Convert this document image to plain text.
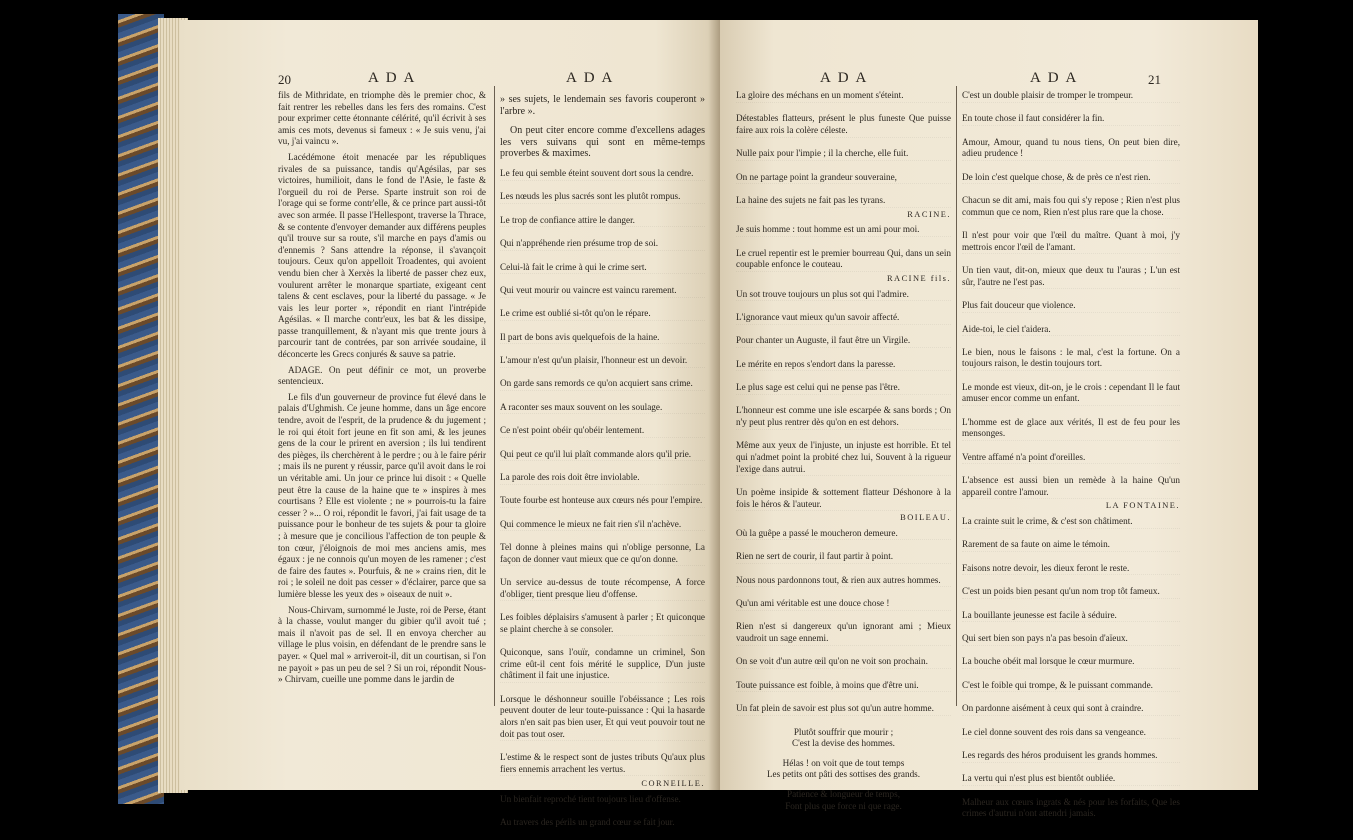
20	A D A	A D A

fils de Mithridate, en triomphe dès le premier choc, & fait rentrer les rebelles dans les fers des romains. C'est pour exprimer cette étonnante célérité, qu'il écrivit à ses amis ces mots, devenus si fameux : « Je suis venu, j'ai vu, j'ai vaincu ».

Lacédémone étoit menacée par les républiques rivales de sa puissance, tandis qu'Agésilas, par ses victoires, humilioit, dans le fond de l'Asie, le faste & l'orgueil du roi de Perse. Sparte instruit son roi de l'orage qui se forme contr'elle, & ce prince part aussi-tôt avec son armée. Il passe l'Hellespont, traverse la Thrace, & se contente d'envoyer demander aux différens peuples qu'il trouve sur sa route, s'il marche en pays d'amis ou d'ennemis ? Sans attendre la réponse, il s'avançoit toujours. Ceux qu'on appelloit Troadentes, qui avoient vendu bien cher à Xerxès la liberté de passer chez eux, voulurent arrêter le monarque spartiate, exigeant cent talens & cent esclaves, pour la liberté du passage. « Je vais les leur porter », répondit en riant l'intrépide Agésilas. « Il marche contr'eux, les bat & les dissipe, passe tranquillement, & n'ayant mis que trente jours à parcourir tant de contrées, par son arrivée soudaine, il déconcerte les Grecs conjurés & sauve sa patrie.

ADAGE. On peut définir ce mot, un proverbe sentencieux.

Le fils d'un gouverneur de province fut élevé dans le palais d'Ughmish. Ce jeune homme, dans un âge encore tendre, avoit de l'esprit, de la prudence & du jugement ; le roi qui étoit fort jeune en fit son ami, & les jeunes gens de la cour le prirent en aversion ; ils lui tendirent des pièges, ils cherchèrent à le perdre ; ou à le faire périr ; mais ils ne purent y réussir, parce qu'il avoit dans le roi un véritable ami. Un jour ce prince lui disoit : « Quelle peut être la cause de la haine que te » inspires à mes courtisans ? Elle est violente ; ne » pourrois-tu la faire cesser ? »... O roi, répondit le favori, j'ai fait usage de ta puissance pour le bonheur de tes sujets & pour ta gloire ; à mesure que je concilious l'affection de ton peuple & ton cœur, j'éloignois de moi mes anciens amis, mes égaux : je ne connois qu'un moyen de les ramener ; c'est de faire des fautes ». Pourfuis, & ne » crains rien, dit le roi ; le soleil ne doit pas cesser » d'éclairer, parce que sa lumière blesse les yeux des » oiseaux de nuit ».

Nous-Chirvam, surnommé le Juste, roi de Perse, étant à la chasse, voulut manger du gibier qu'il avoit tué ; mais il n'avoit pas de sel. Il en envoya chercher au village le plus voisin, en défendant de le prendre sans le payer. « Quel mal » arriveroit-il, dit un courtisan, si l'on ne payoit » pas un peu de sel ? Si un roi, répondit Nous- » Chirvam, cueille une pomme dans le jardin de

» ses sujets, le lendemain ses favoris couperont » l'arbre ».

On peut citer encore comme d'excellens adages les vers suivans qui sont en même-temps proverbes & maximes.

Le feu qui semble éteint souvent dort sous la cendre.

Les nœuds les plus sacrés sont les plutôt rompus.

Le trop de confiance attire le danger.

Qui n'appréhende rien présume trop de soi.

Celui-là fait le crime à qui le crime sert.

Qui veut mourir ou vaincre est vaincu rarement.

Le crime est oublié si-tôt qu'on le répare.

Il part de bons avis quelquefois de la haine.

L'amour n'est qu'un plaisir, l'honneur est un devoir.

On garde sans remords ce qu'on acquiert sans crime.

A raconter ses maux souvent on les soulage.

Ce n'est point obéir qu'obéir lentement.

Qui peut ce qu'il lui plaît commande alors qu'il prie.

La parole des rois doit être inviolable.

Toute fourbe est honteuse aux cœurs nés pour l'empire.

Qui commence le mieux ne fait rien s'il n'achève.

Tel donne à pleines mains qui n'oblige personne, La façon de donner vaut mieux que ce qu'on donne.

Un service au-dessus de toute récompense, A force d'obliger, tient presque lieu d'offense.

Les foibles déplaisirs s'amusent à parler ; Et quiconque se plaint cherche à se consoler.

Quiconque, sans l'ouïr, condamne un criminel, Son crime eût-il cent fois mérité le supplice, D'un juste châtiment il fait une injustice.

Lorsque le déshonneur souille l'obéissance ; Les rois peuvent douter de leur toute-puissance : Qui la hasarde alors n'en sait pas bien user, Et qui veut pouvoir tout ne doit pas tout oser.

L'estime & le respect sont de justes tributs Qu'aux plus fiers ennemis arrachent les vertus.

CORNEILLE.

Un bienfait reproché tient toujours lieu d'offense.

Au travers des périls un grand cœur se fait jour.

A D A	A D A	21

La gloire des méchans en un moment s'éteint.

Détestables flatteurs, présent le plus funeste Que puisse faire aux rois la colère céleste.

Nulle paix pour l'impie ; il la cherche, elle fuit.

On ne partage point la grandeur souveraine,

La haine des sujets ne fait pas les tyrans.

RACINE.

Je suis homme : tout homme est un ami pour moi.

Le cruel repentir est le premier bourreau Qui, dans un sein coupable enfonce le couteau.

RACINE fils.

Un sot trouve toujours un plus sot qui l'admire.

L'ignorance vaut mieux qu'un savoir affecté.

Pour chanter un Auguste, il faut être un Virgile.

Le mérite en repos s'endort dans la paresse.

Le plus sage est celui qui ne pense pas l'être.

L'honneur est comme une isle escarpée & sans bords ; On n'y peut plus rentrer dès qu'on en est dehors.

Même aux yeux de l'injuste, un injuste est horrible. Et tel qui n'admet point la probité chez lui, Souvent à la rigueur l'exige dans autrui.

Un poème insipide & sottement flatteur Déshonore à la fois le héros & l'auteur.

BOILEAU.

Où la guêpe a passé le moucheron demeure.

Rien ne sert de courir, il faut partir à point.

Nous nous pardonnons tout, & rien aux autres hommes.

Qu'un ami véritable est une douce chose !

Rien n'est si dangereux qu'un ignorant ami ; Mieux vaudroit un sage ennemi.

On se voit d'un autre œil qu'on ne voit son prochain.

Toute puissance est foible, à moins que d'être uni.

Un fat plein de savoir est plus sot qu'un autre homme.

Plutôt souffrir que mourir ;

C'est la devise des hommes.

Hélas ! on voit que de tout temps

Les petits ont pâti des sottises des grands.

Patience & longueur de temps,

Font plus que force ni que rage.

C'est un double plaisir de tromper le trompeur.

En toute chose il faut considérer la fin.

Amour, Amour, quand tu nous tiens, On peut bien dire, adieu prudence !

De loin c'est quelque chose, & de près ce n'est rien.

Chacun se dit ami, mais fou qui s'y repose ; Rien n'est plus commun que ce nom, Rien n'est plus rare que la chose.

Il n'est pour voir que l'œil du maître. Quant à moi, j'y mettrois encor l'œil de l'amant.

Un tien vaut, dit-on, mieux que deux tu l'auras ; L'un est sûr, l'autre ne l'est pas.

Plus fait douceur que violence.

Aide-toi, le ciel t'aidera.

Le bien, nous le faisons : le mal, c'est la fortune. On a toujours raison, le destin toujours tort.

Le monde est vieux, dit-on, je le crois : cependant Il le faut amuser encor comme un enfant.

L'homme est de glace aux vérités, Il est de feu pour les mensonges.

Ventre affamé n'a point d'oreilles.

L'absence est aussi bien un remède à la haine Qu'un appareil contre l'amour.

LA FONTAINE.

La crainte suit le crime, & c'est son châtiment.

Rarement de sa faute on aime le témoin.

Faisons notre devoir, les dieux feront le reste.

C'est un poids bien pesant qu'un nom trop tôt fameux.

La bouillante jeunesse est facile à séduire.

Qui sert bien son pays n'a pas besoin d'aïeux.

La bouche obéit mal lorsque le cœur murmure.

C'est le foible qui trompe, & le puissant commande.

On pardonne aisément à ceux qui sont à craindre.

Le ciel donne souvent des rois dans sa vengeance.

Les regards des héros produisent les grands hommes.

La vertu qui n'est plus est bientôt oubliée.

Malheur aux cœurs ingrats & nés pour les forfaits, Que les crimes d'autrui n'ont attendri jamais.
